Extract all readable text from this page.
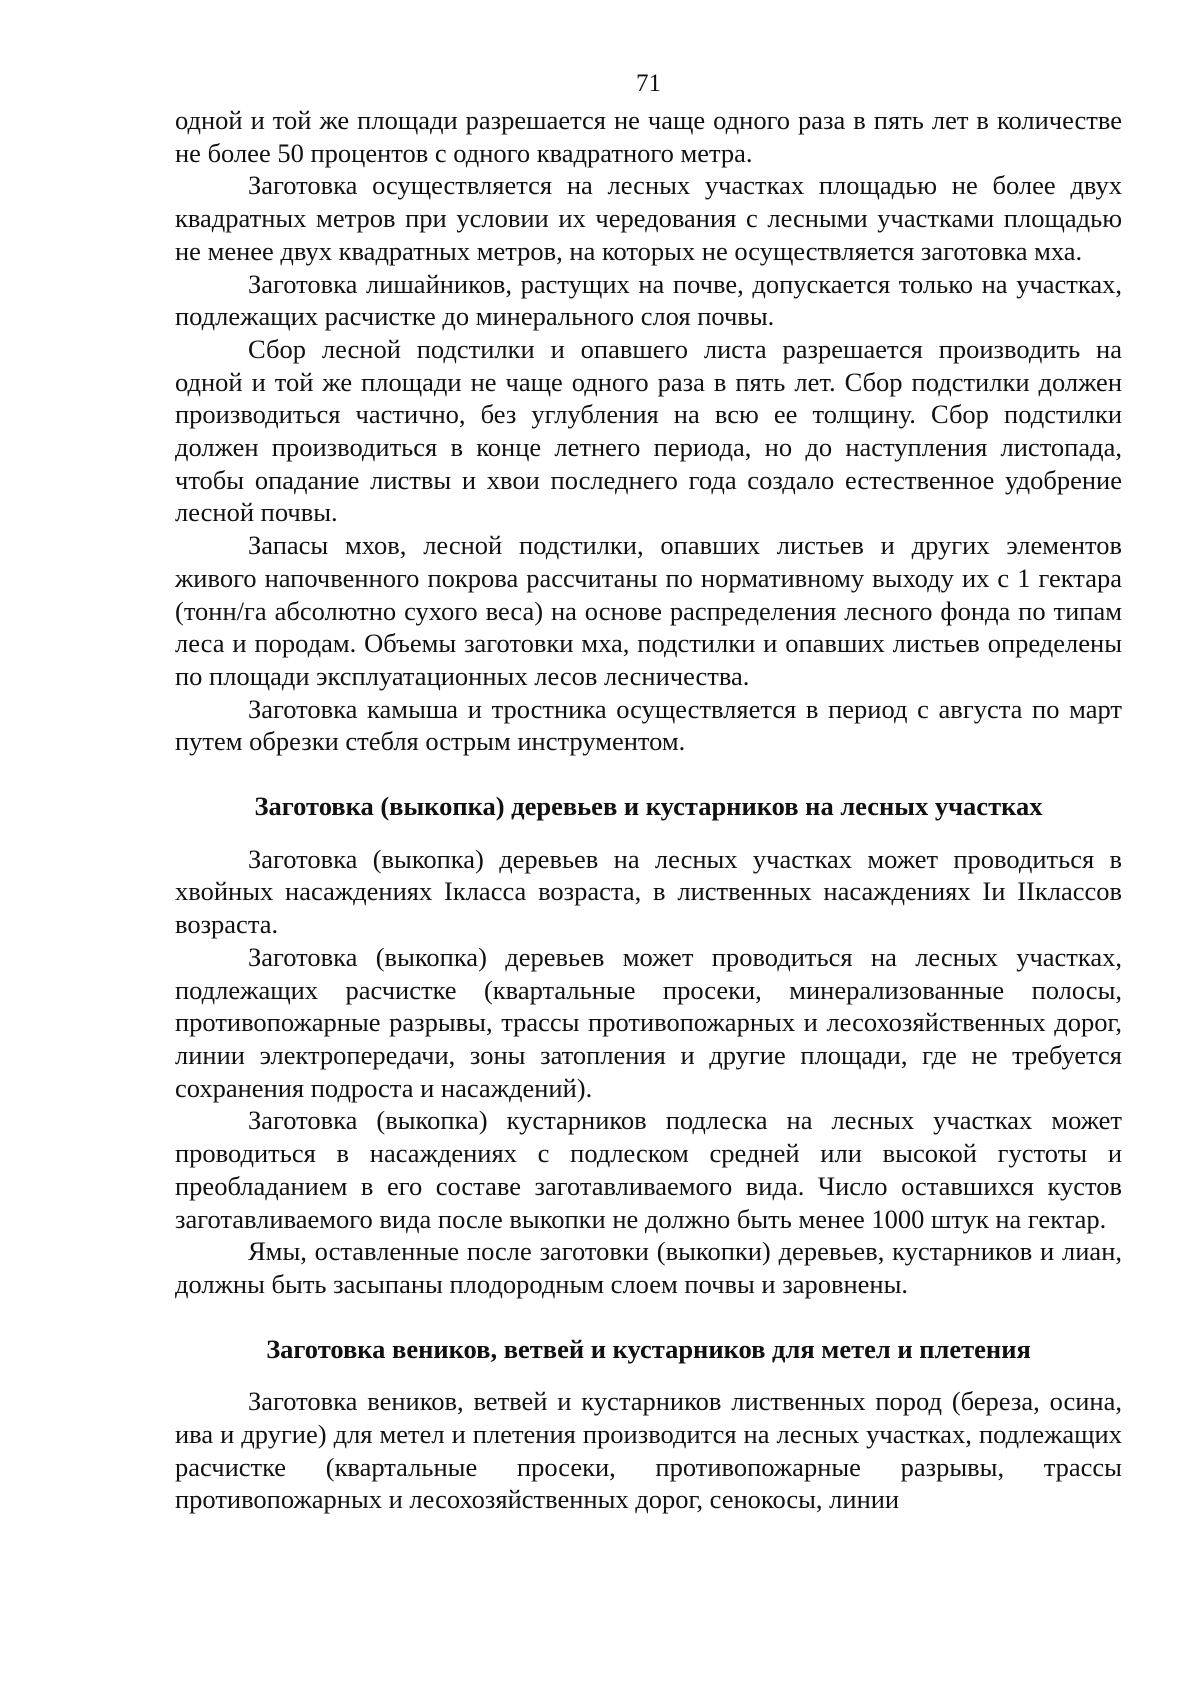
71

одной и той же площади разрешается не чаще одного раза в пять лет в количестве не более 50 процентов с одного квадратного метра.

Заготовка осуществляется на лесных участках площадью не более двух квадратных метров при условии их чередования с лесными участками площадью не менее двух квадратных метров, на которых не осуществляется заготовка мха.

Заготовка лишайников, растущих на почве, допускается только на участках, подлежащих расчистке до минерального слоя почвы.

Сбор лесной подстилки и опавшего листа разрешается производить на одной и той же площади не чаще одного раза в пять лет. Сбор подстилки должен производиться частично, без углубления на всю ее толщину. Сбор подстилки должен производиться в конце летнего периода, но до наступления листопада, чтобы опадание листвы и хвои последнего года создало естественное удобрение лесной почвы.

Запасы мхов, лесной подстилки, опавших листьев и других элементов живого напочвенного покрова рассчитаны по нормативному выходу их с 1 гектара (тонн/га абсолютно сухого веса) на основе распределения лесного фонда по типам леса и породам. Объемы заготовки мха, подстилки и опавших листьев определены по площади эксплуатационных лесов лесничества.

Заготовка камыша и тростника осуществляется в период с августа по март путем обрезки стебля острым инструментом.

Заготовка (выкопка) деревьев и кустарников на лесных участках

Заготовка (выкопка) деревьев на лесных участках может проводиться в хвойных насаждениях Iкласса возраста, в лиственных насаждениях Iи IIклассов возраста.

Заготовка (выкопка) деревьев может проводиться на лесных участках, подлежащих расчистке (квартальные просеки, минерализованные полосы, противопожарные разрывы, трассы противопожарных и лесохозяйственных дорог, линии электропередачи, зоны затопления и другие площади, где не требуется сохранения подроста и насаждений).

Заготовка (выкопка) кустарников подлеска на лесных участках может проводиться в насаждениях с подлеском средней или высокой густоты и преобладанием в его составе заготавливаемого вида. Число оставшихся кустов заготавливаемого вида после выкопки не должно быть менее 1000 штук на гектар.

Ямы, оставленные после заготовки (выкопки) деревьев, кустарников и лиан, должны быть засыпаны плодородным слоем почвы и заровнены.

Заготовка веников, ветвей и кустарников для метел и плетения

Заготовка веников, ветвей и кустарников лиственных пород (береза, осина, ива и другие) для метел и плетения производится на лесных участках, подлежащих расчистке (квартальные просеки, противопожарные разрывы, трассы противопожарных и лесохозяйственных дорог, сенокосы, линии
